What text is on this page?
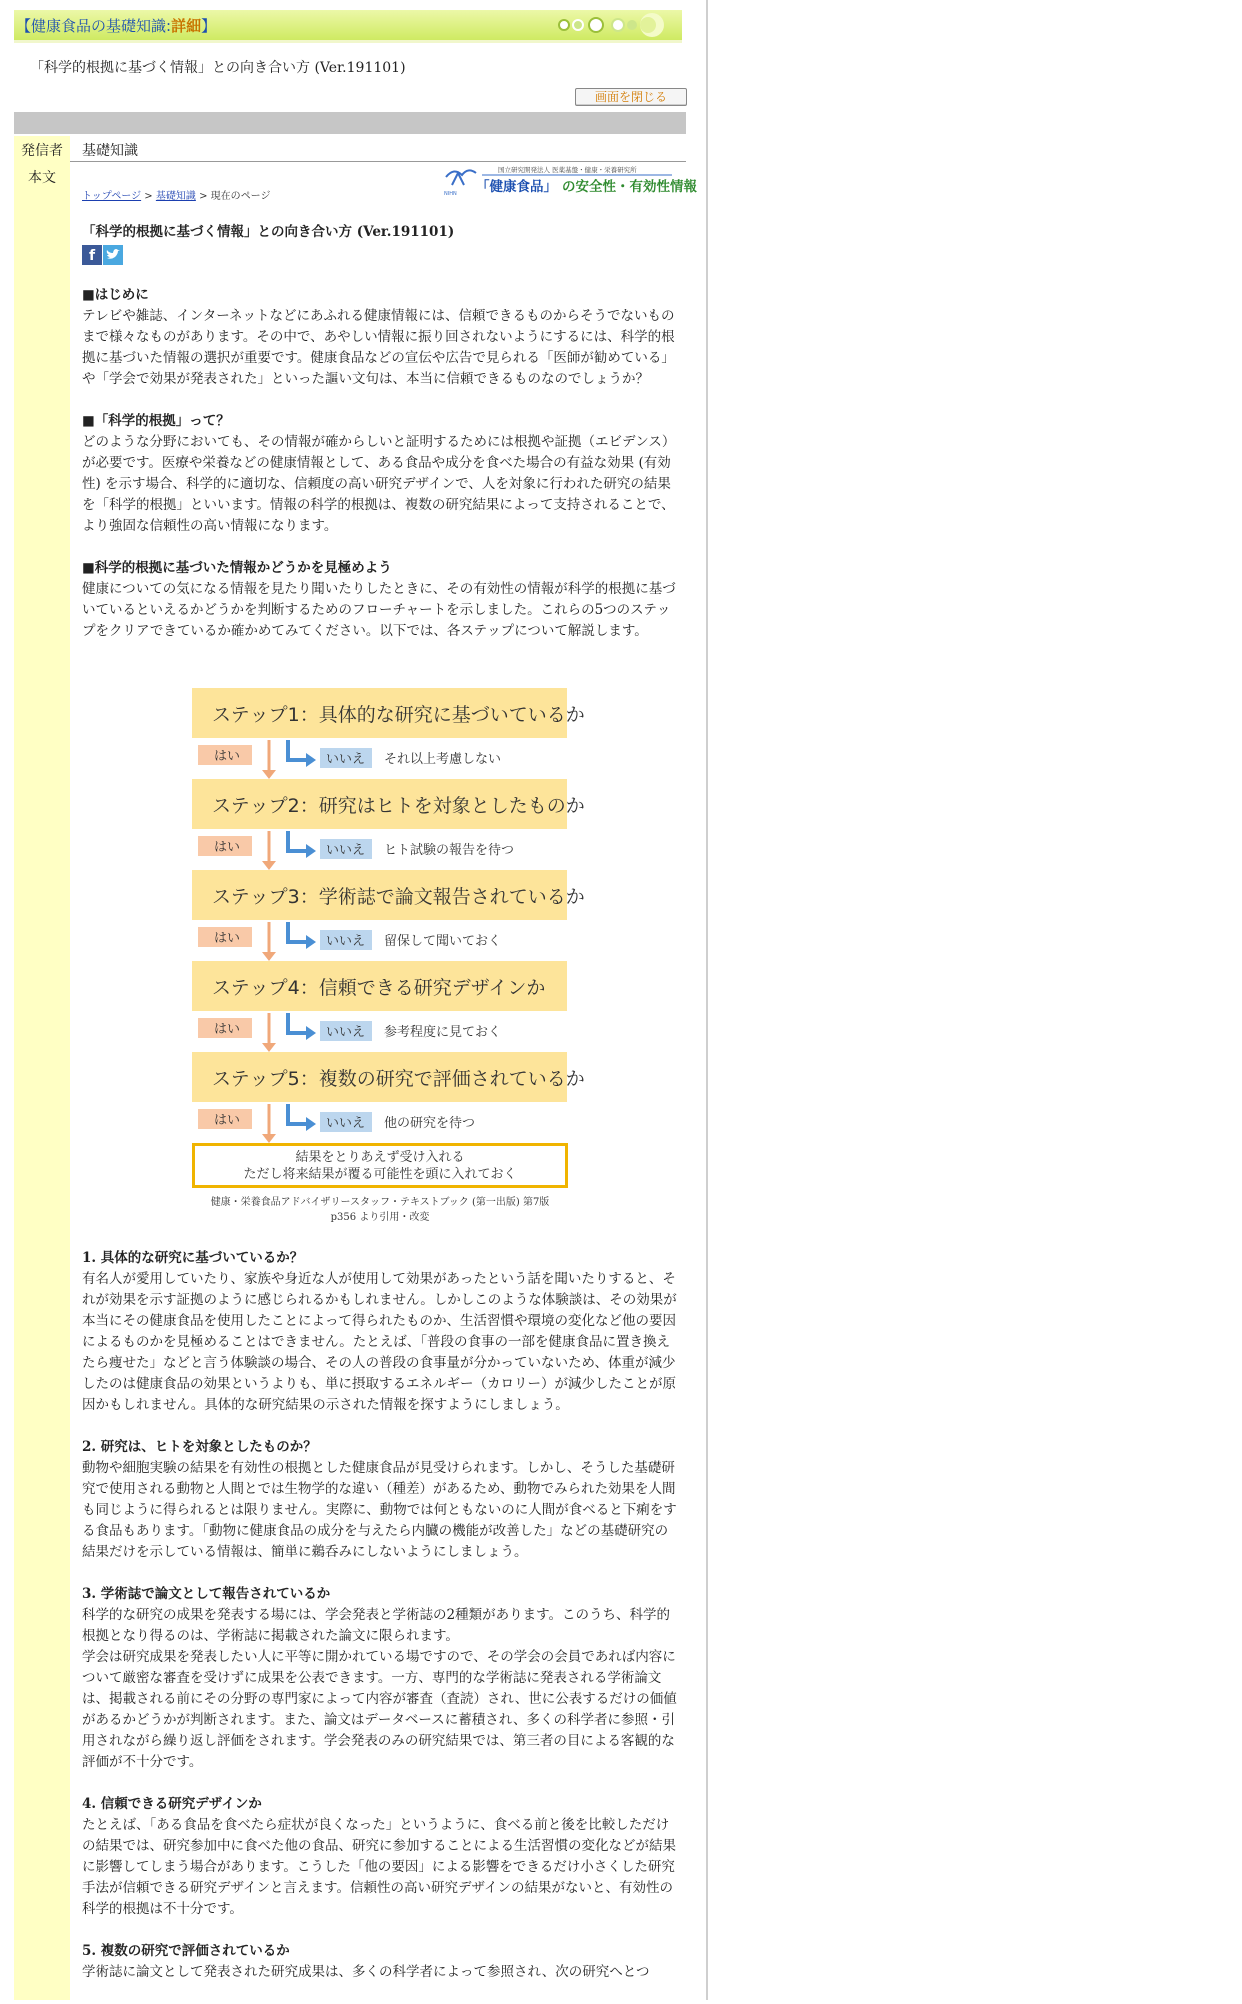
【健康食品の基礎知識:詳細】
「科学的根拠に基づく情報」との向き合い方 (Ver.191101)
画面を閉じる
発信者	基礎知識
本文
トップページ > 基礎知識 > 現在のページ	NIHN
国立研究開発法人 医薬基盤・健康・栄養研究所
「健康食品」 の安全性・有効性情報

「科学的根拠に基づく情報」との向き合い方 (Ver.191101)

f

■はじめに

テレビや雑誌、インターネットなどにあふれる健康情報には、信頼できるものからそうでないものまで様々なものがあります。その中で、あやしい情報に振り回されないようにするには、科学的根拠に基づいた情報の選択が重要です。健康食品などの宣伝や広告で見られる「医師が勧めている」や「学会で効果が発表された」といった謳い文句は、本当に信頼できるものなのでしょうか？

■「科学的根拠」って？

どのような分野においても、その情報が確からしいと証明するためには根拠や証拠（エビデンス）が必要です。医療や栄養などの健康情報として、ある食品や成分を食べた場合の有益な効果 (有効性) を示す場合、科学的に適切な、信頼度の高い研究デザインで、人を対象に行われた研究の結果を「科学的根拠」といいます。情報の科学的根拠は、複数の研究結果によって支持されることで、より強固な信頼性の高い情報になります。

■科学的根拠に基づいた情報かどうかを見極めよう

健康についての気になる情報を見たり聞いたりしたときに、その有効性の情報が科学的根拠に基づいているといえるかどうかを判断するためのフローチャートを示しました。これらの5つのステップをクリアできているか確かめてみてください。以下では、各ステップについて解説します。

ステップ1：具体的な研究に基づいているか
はい	いいえ それ以上考慮しない
ステップ2：研究はヒトを対象としたものか
はい	いいえ ヒト試験の報告を待つ
ステップ3：学術誌で論文報告されているか
はい	いいえ 留保して聞いておく
ステップ4：信頼できる研究デザインか
はい	いいえ 参考程度に見ておく
ステップ5：複数の研究で評価されているか
はい	いいえ 他の研究を待つ
結果をとりあえず受け入れる
ただし将来結果が覆る可能性を頭に入れておく
健康・栄養食品アドバイザリースタッフ・テキストブック (第一出版) 第7版
p356 より引用・改変

1. 具体的な研究に基づいているか？

有名人が愛用していたり、家族や身近な人が使用して効果があったという話を聞いたりすると、それが効果を示す証拠のように感じられるかもしれません。しかしこのような体験談は、その効果が本当にその健康食品を使用したことによって得られたものか、生活習慣や環境の変化など他の要因によるものかを見極めることはできません。たとえば、「普段の食事の一部を健康食品に置き換えたら痩せた」などと言う体験談の場合、その人の普段の食事量が分かっていないため、体重が減少したのは健康食品の効果というよりも、単に摂取するエネルギー（カロリー）が減少したことが原因かもしれません。具体的な研究結果の示された情報を探すようにしましょう。

2. 研究は、ヒトを対象としたものか？

動物や細胞実験の結果を有効性の根拠とした健康食品が見受けられます。しかし、そうした基礎研究で使用される動物と人間とでは生物学的な違い（種差）があるため、動物でみられた効果を人間も同じように得られるとは限りません。実際に、動物では何ともないのに人間が食べると下痢をする食品もあります。「動物に健康食品の成分を与えたら内臓の機能が改善した」などの基礎研究の結果だけを示している情報は、簡単に鵜呑みにしないようにしましょう。

3. 学術誌で論文として報告されているか

科学的な研究の成果を発表する場には、学会発表と学術誌の2種類があります。このうち、科学的根拠となり得るのは、学術誌に掲載された論文に限られます。

学会は研究成果を発表したい人に平等に開かれている場ですので、その学会の会員であれば内容について厳密な審査を受けずに成果を公表できます。一方、専門的な学術誌に発表される学術論文は、掲載される前にその分野の専門家によって内容が審査（査読）され、世に公表するだけの価値があるかどうかが判断されます。また、論文はデータベースに蓄積され、多くの科学者に参照・引用されながら繰り返し評価をされます。学会発表のみの研究結果では、第三者の目による客観的な評価が不十分です。

4. 信頼できる研究デザインか

たとえば、「ある食品を食べたら症状が良くなった」というように、食べる前と後を比較しただけの結果では、研究参加中に食べた他の食品、研究に参加することによる生活習慣の変化などが結果に影響してしまう場合があります。こうした「他の要因」による影響をできるだけ小さくした研究手法が信頼できる研究デザインと言えます。信頼性の高い研究デザインの結果がないと、有効性の科学的根拠は不十分です。

5. 複数の研究で評価されているか

学術誌に論文として発表された研究成果は、多くの科学者によって参照され、次の研究へとつ
